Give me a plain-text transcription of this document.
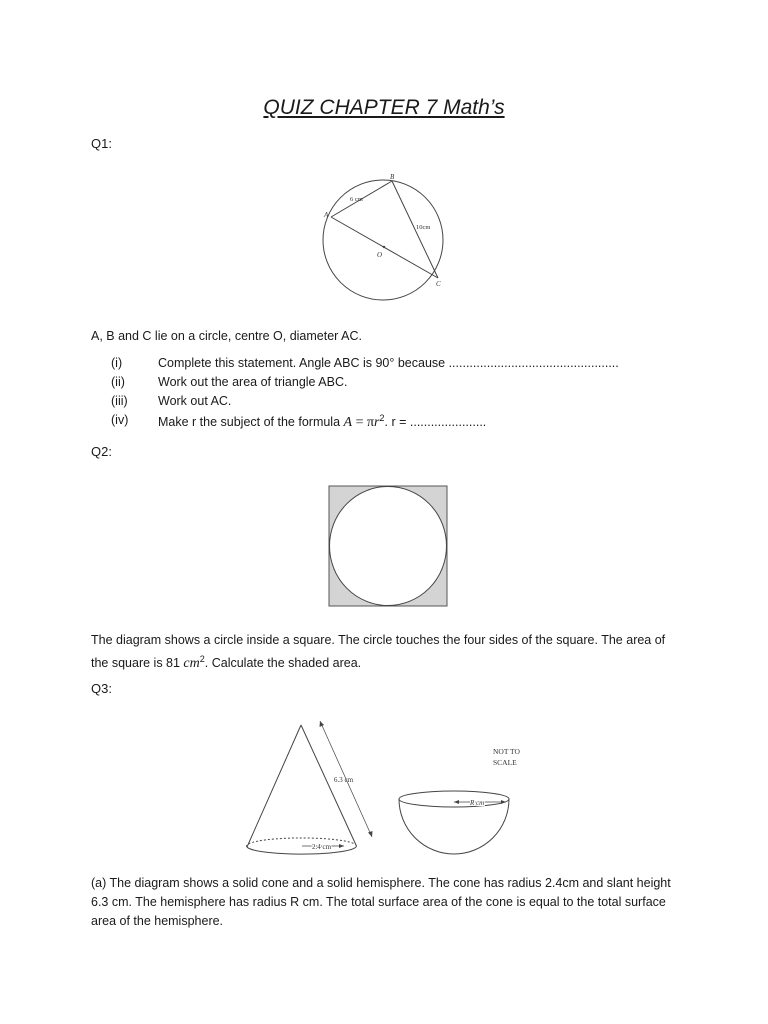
QUIZ CHAPTER 7 Math’s
Q1:
B
A
C
O
6 cm
10cm
A, B and C lie on a circle, centre O, diameter AC.
(i)	Complete this statement. Angle ABC is 90° because .................................................
(ii)	Work out the area of triangle ABC.
(iii)	Work out AC.
(iv)	Make r the subject of the formula $A = \pi r^2$. r = ......................
Q2:
The diagram shows a circle inside a square. The circle touches the four sides of the square. The area of the square is 81 $cm^2$. Calculate the shaded area.
Q3:
2.4 cm
6.3 cm
R cm
NOT TO
SCALE
(a) The diagram shows a solid cone and a solid hemisphere. The cone has radius 2.4cm and slant height 6.3 cm. The hemisphere has radius R cm. The total surface area of the cone is equal to the total surface area of the hemisphere.
